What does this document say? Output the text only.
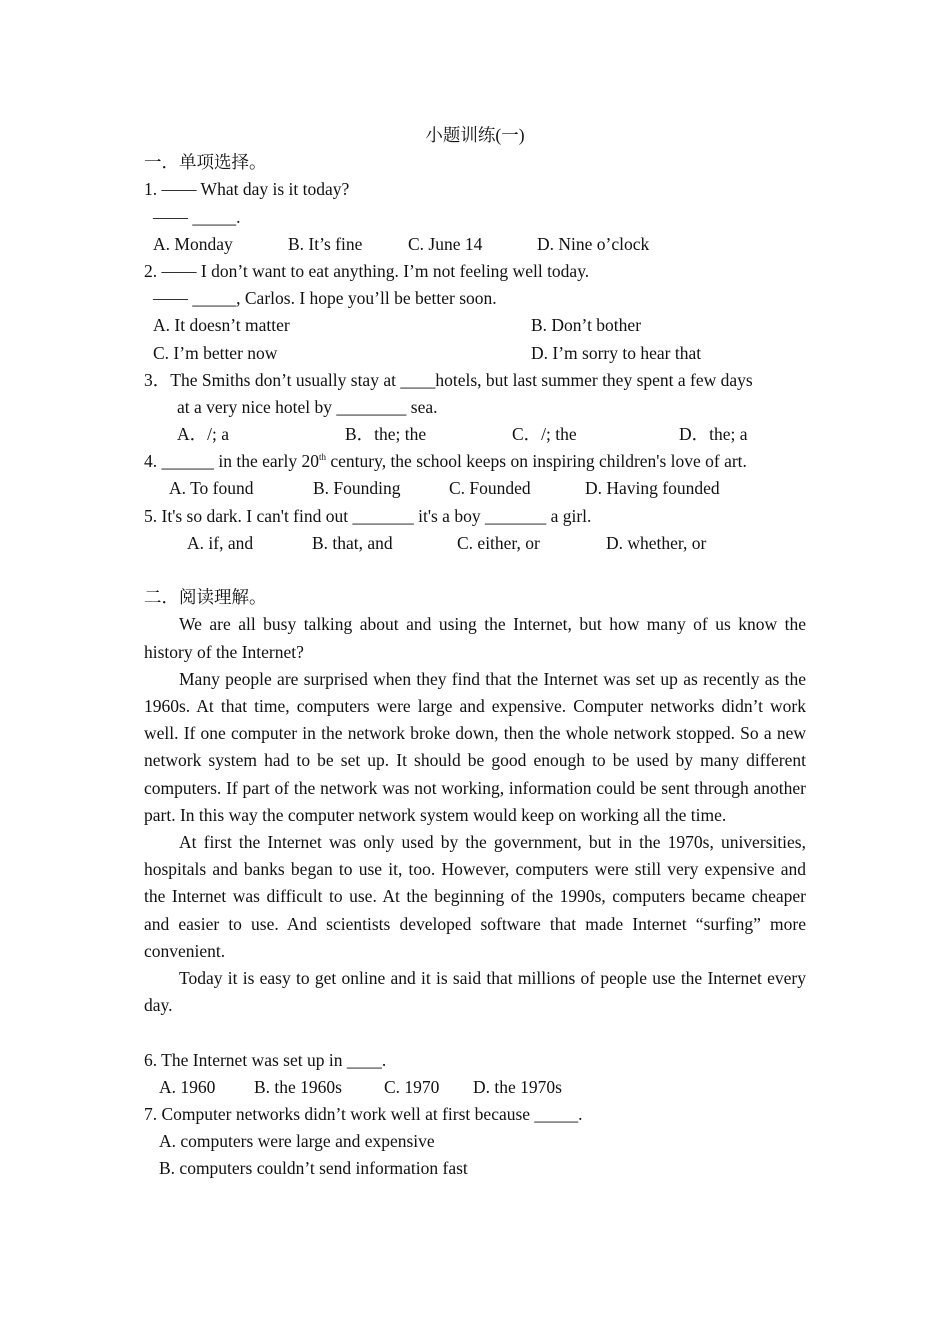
小题训练(一)
一．单项选择。
1. —— What day is it today?
—— _____.
A. Monday	B. It’s fine	C. June 14	D. Nine o’clock
2. —— I don’t want to eat anything. I’m not feeling well today.
—— _____, Carlos. I hope you’ll be better soon.
A. It doesn’t matter	B. Don’t bother
C. I’m better now	D. I’m sorry to hear that
3．The Smiths don’t usually stay at ____hotels, but last summer they spent a few days
at a very nice hotel by ________ sea.
A．/; a	B．the; the	C．/; the	D．the; a
4. ______ in the early 20th century, the school keeps on inspiring children's love of art.
A. To found	B. Founding	C. Founded	D. Having founded
5. It's so dark. I can't find out _______ it's a boy _______ a girl.
A. if, and	B. that, and	C. either, or	D. whether, or
二．阅读理解。

We are all busy talking about and using the Internet, but how many of us know the history of the Internet?

Many people are surprised when they find that the Internet was set up as recently as the 1960s. At that time, computers were large and expensive. Computer networks didn’t work well. If one computer in the network broke down, then the whole network stopped. So a new network system had to be set up. It should be good enough to be used by many different computers. If part of the network was not working, information could be sent through another part. In this way the computer network system would keep on working all the time.

At first the Internet was only used by the government, but in the 1970s, universities, hospitals and banks began to use it, too. However, computers were still very expensive and the Internet was difficult to use. At the beginning of the 1990s, computers became cheaper and easier to use. And scientists developed software that made Internet “surfing” more convenient.

Today it is easy to get online and it is said that millions of people use the Internet every day.

6. The Internet was set up in ____.
A. 1960	B. the 1960s	C. 1970	D. the 1970s
7. Computer networks didn’t work well at first because _____.
A. computers were large and expensive
B. computers couldn’t send information fast
